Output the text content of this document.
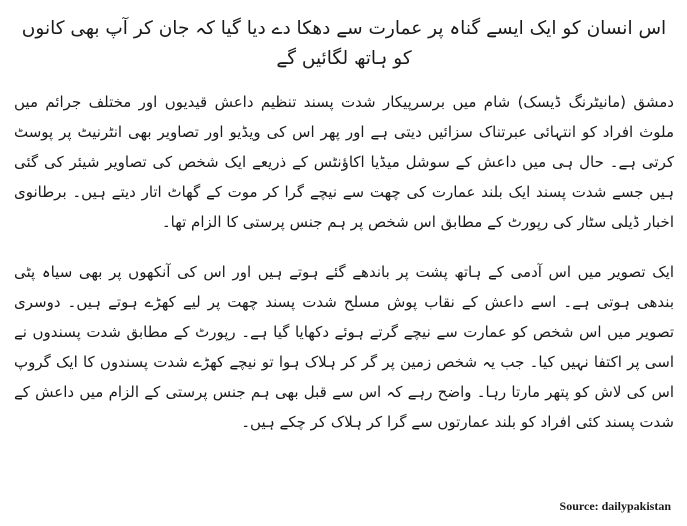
اس انسان کو ایک ایسے گناہ پر عمارت سے دھکا دے دیا گیا کہ جان کر آپ بھی کانوں کو ہاتھ لگائیں گے

دمشق (مانیٹرنگ ڈیسک) شام میں برسرپیکار شدت پسند تنظیم داعش قیدیوں اور مختلف جرائم میں ملوث افراد کو انتہائی عبرتناک سزائیں دیتی ہے اور پھر اس کی ویڈیو اور تصاویر بھی انٹرنیٹ پر پوسٹ کرتی ہے۔ حال ہی میں داعش کے سوشل میڈیا اکاؤنٹس کے ذریعے ایک شخص کی تصاویر شیئر کی گئی ہیں جسے شدت پسند ایک بلند عمارت کی چھت سے نیچے گرا کر موت کے گھاٹ اتار دیتے ہیں۔ برطانوی اخبار ڈیلی سٹار کی رپورٹ کے مطابق اس شخص پر ہم جنس پرستی کا الزام تھا۔

ایک تصویر میں اس آدمی کے ہاتھ پشت پر باندھے گئے ہوتے ہیں اور اس کی آنکھوں پر بھی سیاہ پٹی بندھی ہوتی ہے۔ اسے داعش کے نقاب پوش مسلح شدت پسند چھت پر لیے کھڑے ہوتے ہیں۔ دوسری تصویر میں اس شخص کو عمارت سے نیچے گرتے ہوئے دکھایا گیا ہے۔ رپورٹ کے مطابق شدت پسندوں نے اسی پر اکتفا نہیں کیا۔ جب یہ شخص زمین پر گر کر ہلاک ہوا تو نیچے کھڑے شدت پسندوں کا ایک گروپ اس کی لاش کو پتھر مارتا رہا۔ واضح رہے کہ اس سے قبل بھی ہم جنس پرستی کے الزام میں داعش کے شدت پسند کئی افراد کو بلند عمارتوں سے گرا کر ہلاک کر چکے ہیں۔

Source: dailypakistan
